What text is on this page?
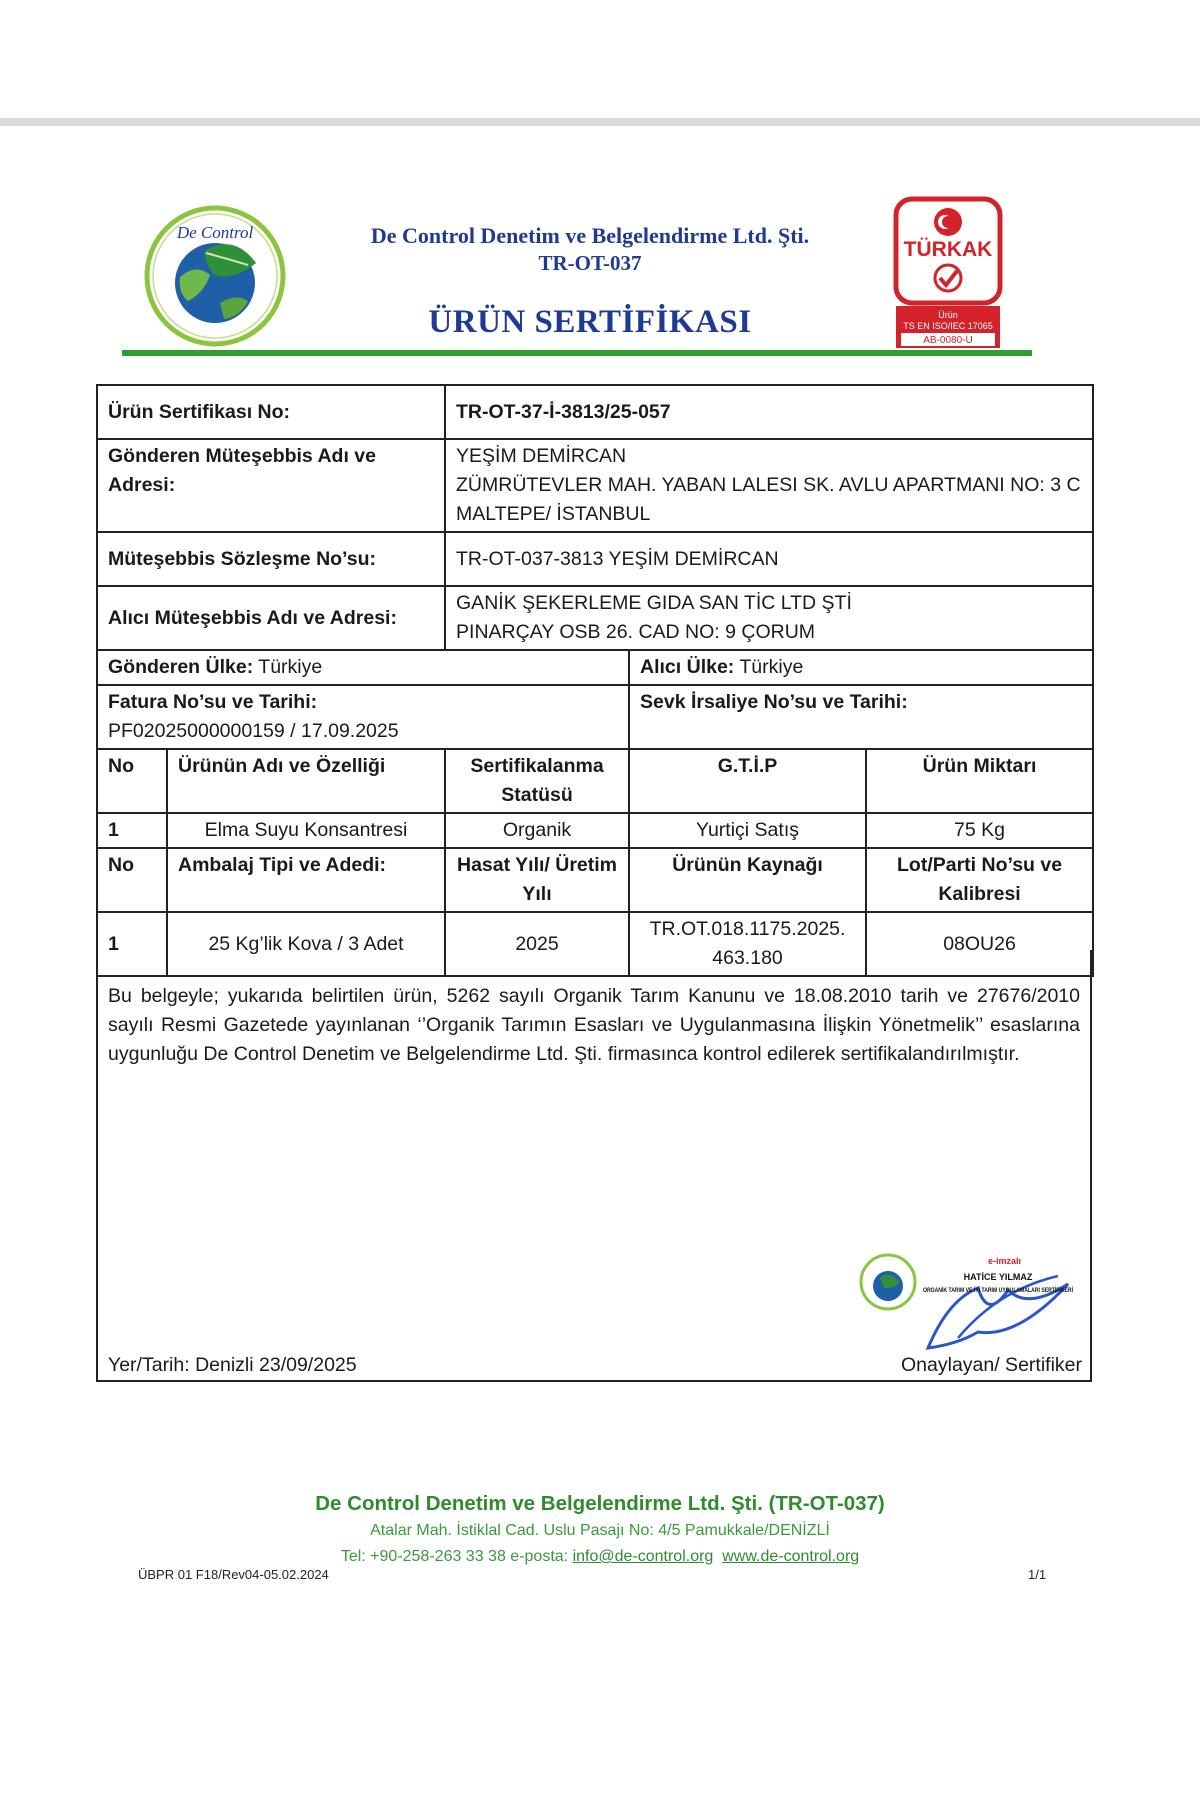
De Control	De Control Denetim ve Belgelendirme Ltd. Şti.
TR-OT-037
ÜRÜN SERTİFİKASI
TÜRKAK
Ürün
TS EN ISO/IEC 17065
AB-0080-U
Ürün Sertifikası No:		TR-OT-37-İ-3813/25-057		
Gönderen Müteşebbis Adı ve Adresi:		YEŞİM DEMİRCAN
ZÜMRÜTEVLER MAH. YABAN LALESI SK. AVLU APARTMANI NO: 3 C MALTEPE/ İSTANBUL		

Müteşebbis Sözleşme No’su:		TR-OT-037-3813 YEŞİM DEMİRCAN		
Alıcı Müteşebbis Adı ve Adresi:		GANİK ŞEKERLEME GIDA SAN TİC LTD ŞTİ
PINARÇAY OSB 26. CAD NO: 9 ÇORUM		

Gönderen Ülke: Türkiye			Alıcı Ülke: Türkiye	

Fatura No’su ve Tarihi:
PF02025000000159 / 17.09.2025			Sevk İrsaliye No’su ve Tarihi:	
No	Ürünün Adı ve Özelliği	Sertifikalanma Statüsü	G.T.İ.P	Ürün Miktarı
1	Elma Suyu Konsantresi	Organik	Yurtiçi Satış	75 Kg
No	Ambalaj Tipi ve Adedi:	Hasat Yılı/ Üretim Yılı	Ürünün Kaynağı	Lot/Parti No’su ve Kalibresi
1	25 Kg’lik Kova / 3 Adet	2025	TR.OT.018.1175.2025. 463.180	08OU26
Bu belgeyle; yukarıda belirtilen ürün, 5262 sayılı Organik Tarım Kanunu ve 18.08.2010 tarih ve 27676/2010 sayılı Resmi Gazetede yayınlanan ‘’Organik Tarımın Esasları ve Uygulanmasına İlişkin Yönetmelik’’ esaslarına uygunluğu De Control Denetim ve Belgelendirme Ltd. Şti. firmasınca kontrol edilerek sertifikalandırılmıştır.
e-imzalı
HATİCE YILMAZ
ORGANİK TARIM VE İYİ TARIM UYGULAMALARI SERTİFİKERİ
Yer/Tarih: Denizli 23/09/2025	Onaylayan/ Sertifiker
De Control Denetim ve Belgelendirme Ltd. Şti. (TR-OT-037)
Atalar Mah. İstiklal Cad. Uslu Pasajı No: 4/5 Pamukkale/DENİZLİ
Tel: +90-258-263 33 38 e-posta: info@de-control.org www.de-control.org
ÜBPR 01 F18/Rev04-05.02.2024	1/1
